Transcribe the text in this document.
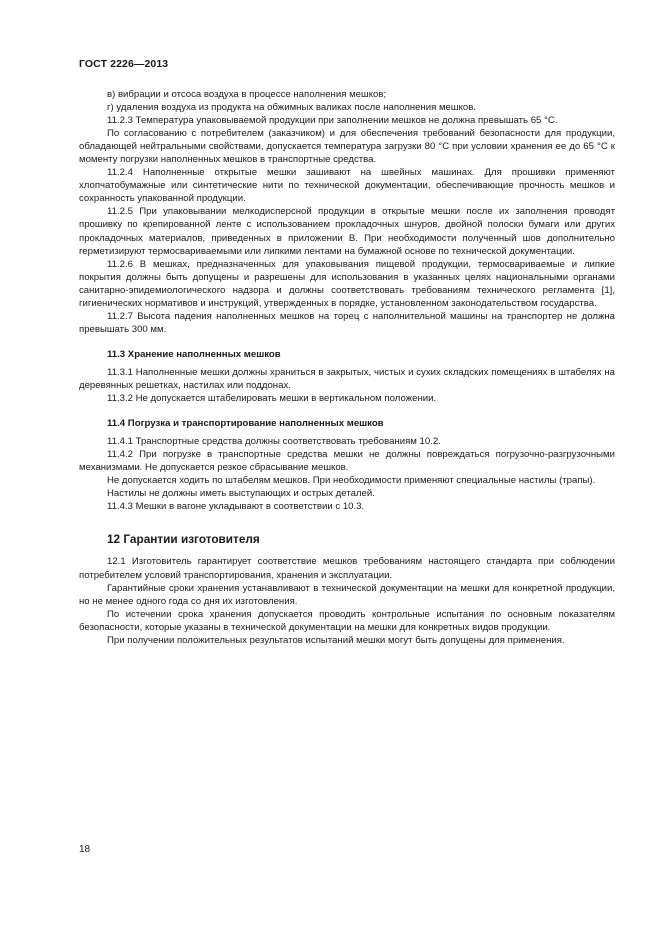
ГОСТ 2226—2013

в) вибрации и отсоса воздуха в процессе наполнения мешков;

г) удаления воздуха из продукта на обжимных валиках после наполнения мешков.

11.2.3 Температура упаковываемой продукции при заполнении мешков не должна превышать 65 °С.

По согласованию с потребителем (заказчиком) и для обеспечения требований безопасности для продукции, обладающей нейтральными свойствами, допускается температура загрузки 80 °С при условии хранения ее до 65 °С к моменту погрузки наполненных мешков в транспортные средства.

11.2.4 Наполненные открытые мешки зашивают на швейных машинах. Для прошивки применяют хлопчатобумажные или синтетические нити по технической документации, обеспечивающие прочность мешков и сохранность упакованной продукции.

11.2.5 При упаковывании мелкодисперсной продукции в открытые мешки после их заполнения проводят прошивку по крепированной ленте с использованием прокладочных шнуров, двойной полоски бумаги или других прокладочных материалов, приведенных в приложении В. При необходимости полученный шов дополнительно герметизируют термосвариваемыми или липкими лентами на бумажной основе по технической документации.

11.2.6 В мешках, предназначенных для упаковывания пищевой продукции, термосвариваемые и липкие покрытия должны быть допущены и разрешены для использования в указанных целях национальными органами санитарно-эпидемиологического надзора и должны соответствовать требованиям технического регламента [1], гигиенических нормативов и инструкций, утвержденных в порядке, установленном законодательством государства.

11.2.7 Высота падения наполненных мешков на торец с наполнительной машины на транспортер не должна превышать 300 мм.

11.3 Хранение наполненных мешков

11.3.1 Наполненные мешки должны храниться в закрытых, чистых и сухих складских помещениях в штабелях на деревянных решетках, настилах или поддонах.

11.3.2 Не допускается штабелировать мешки в вертикальном положении.

11.4 Погрузка и транспортирование наполненных мешков

11.4.1 Транспортные средства должны соответствовать требованиям 10.2.

11.4.2 При погрузке в транспортные средства мешки не должны повреждаться погрузочно-разгрузочными механизмами. Не допускается резкое сбрасывание мешков.

Не допускается ходить по штабелям мешков. При необходимости применяют специальные настилы (трапы).

Настилы не должны иметь выступающих и острых деталей.

11.4.3 Мешки в вагоне укладывают в соответствии с 10.3.

12 Гарантии изготовителя

12.1 Изготовитель гарантирует соответствие мешков требованиям настоящего стандарта при соблюдении потребителем условий транспортирования, хранения и эксплуатации.

Гарантийные сроки хранения устанавливают в технической документации на мешки для конкретной продукции, но не менее одного года со дня их изготовления.

По истечении срока хранения допускается проводить контрольные испытания по основным показателям безопасности, которые указаны в технической документации на мешки для конкретных видов продукции.

При получении положительных результатов испытаний мешки могут быть допущены для применения.

18
